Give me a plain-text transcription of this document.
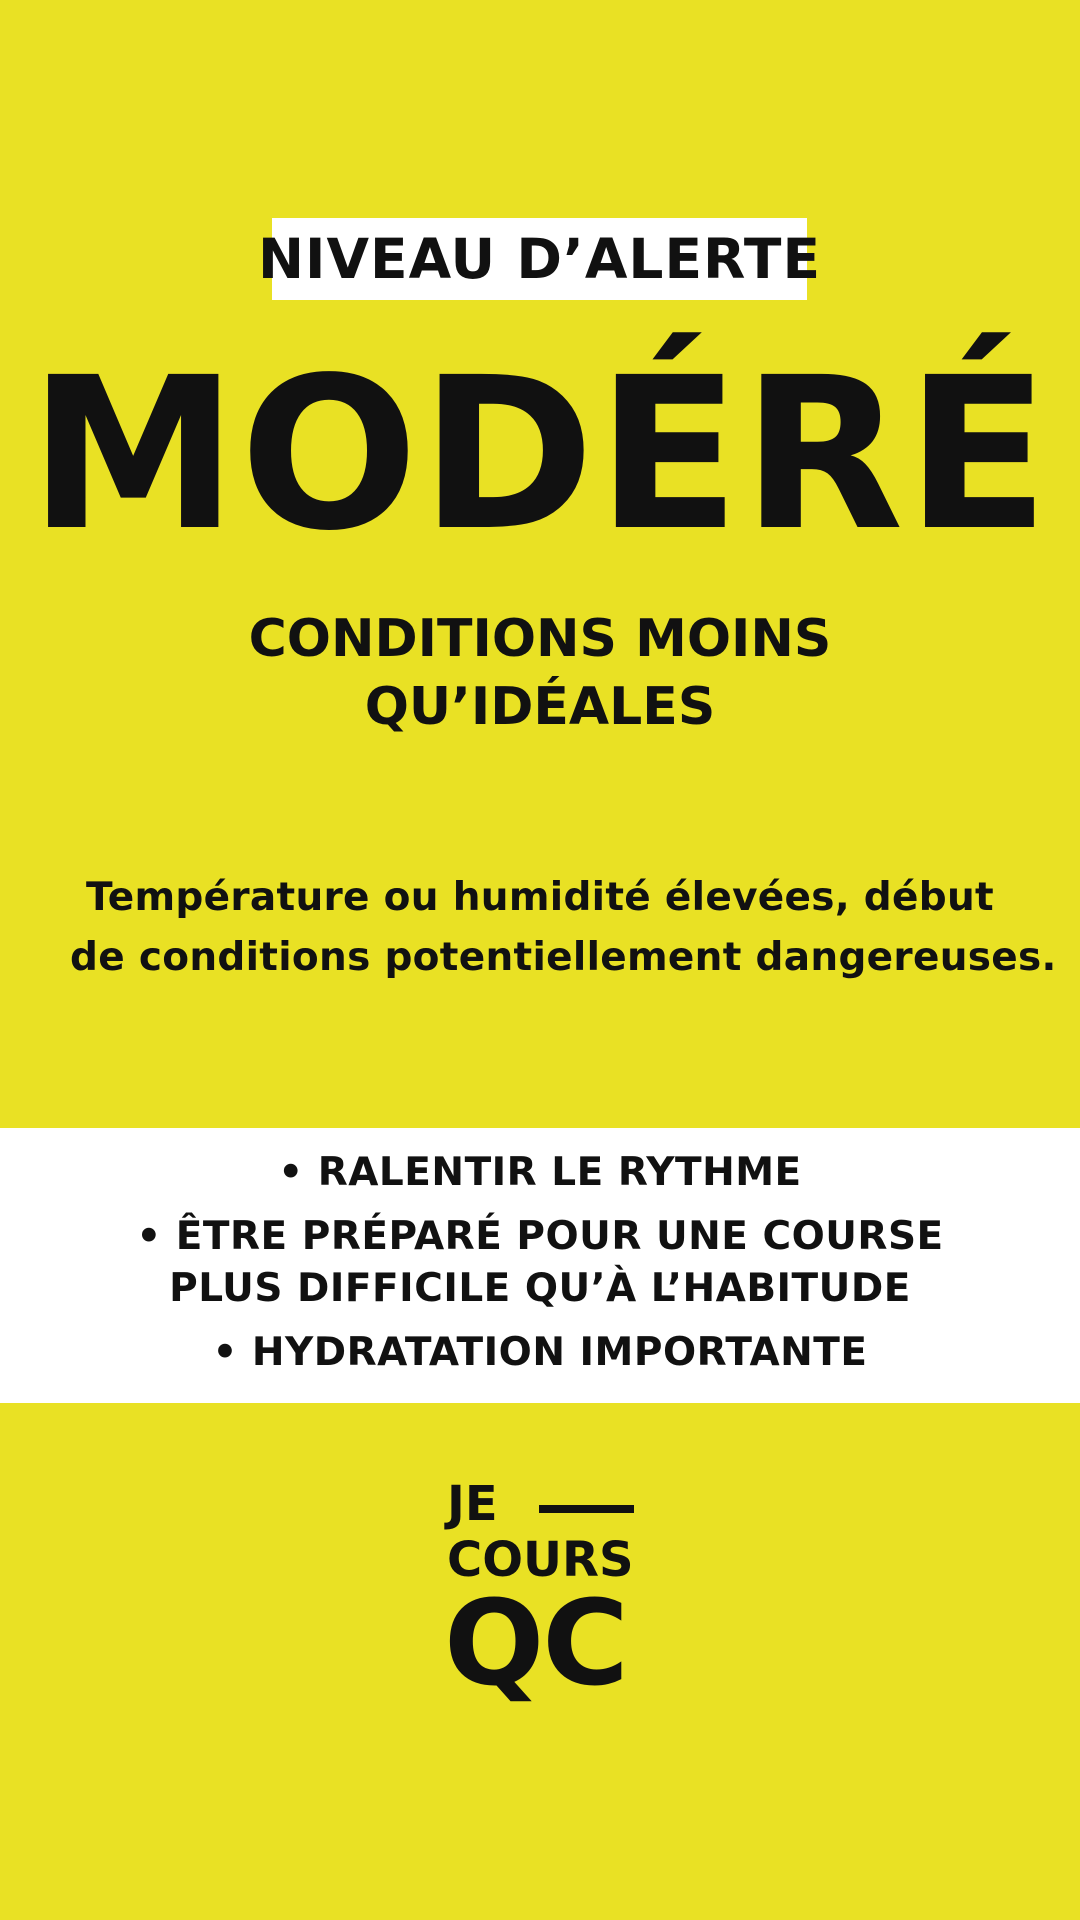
NIVEAU D’ALERTE
MODÉRÉ
CONDITIONS MOINS
QU’IDÉALES
Température ou humidité élevées, début
de conditions potentiellement dangereuses.
• RALENTIR LE RYTHME
• ÊTRE PRÉPARÉ POUR UNE COURSE
PLUS DIFFICILE QU’À L’HABITUDE
• HYDRATATION IMPORTANTE
JE
COURS
QC
